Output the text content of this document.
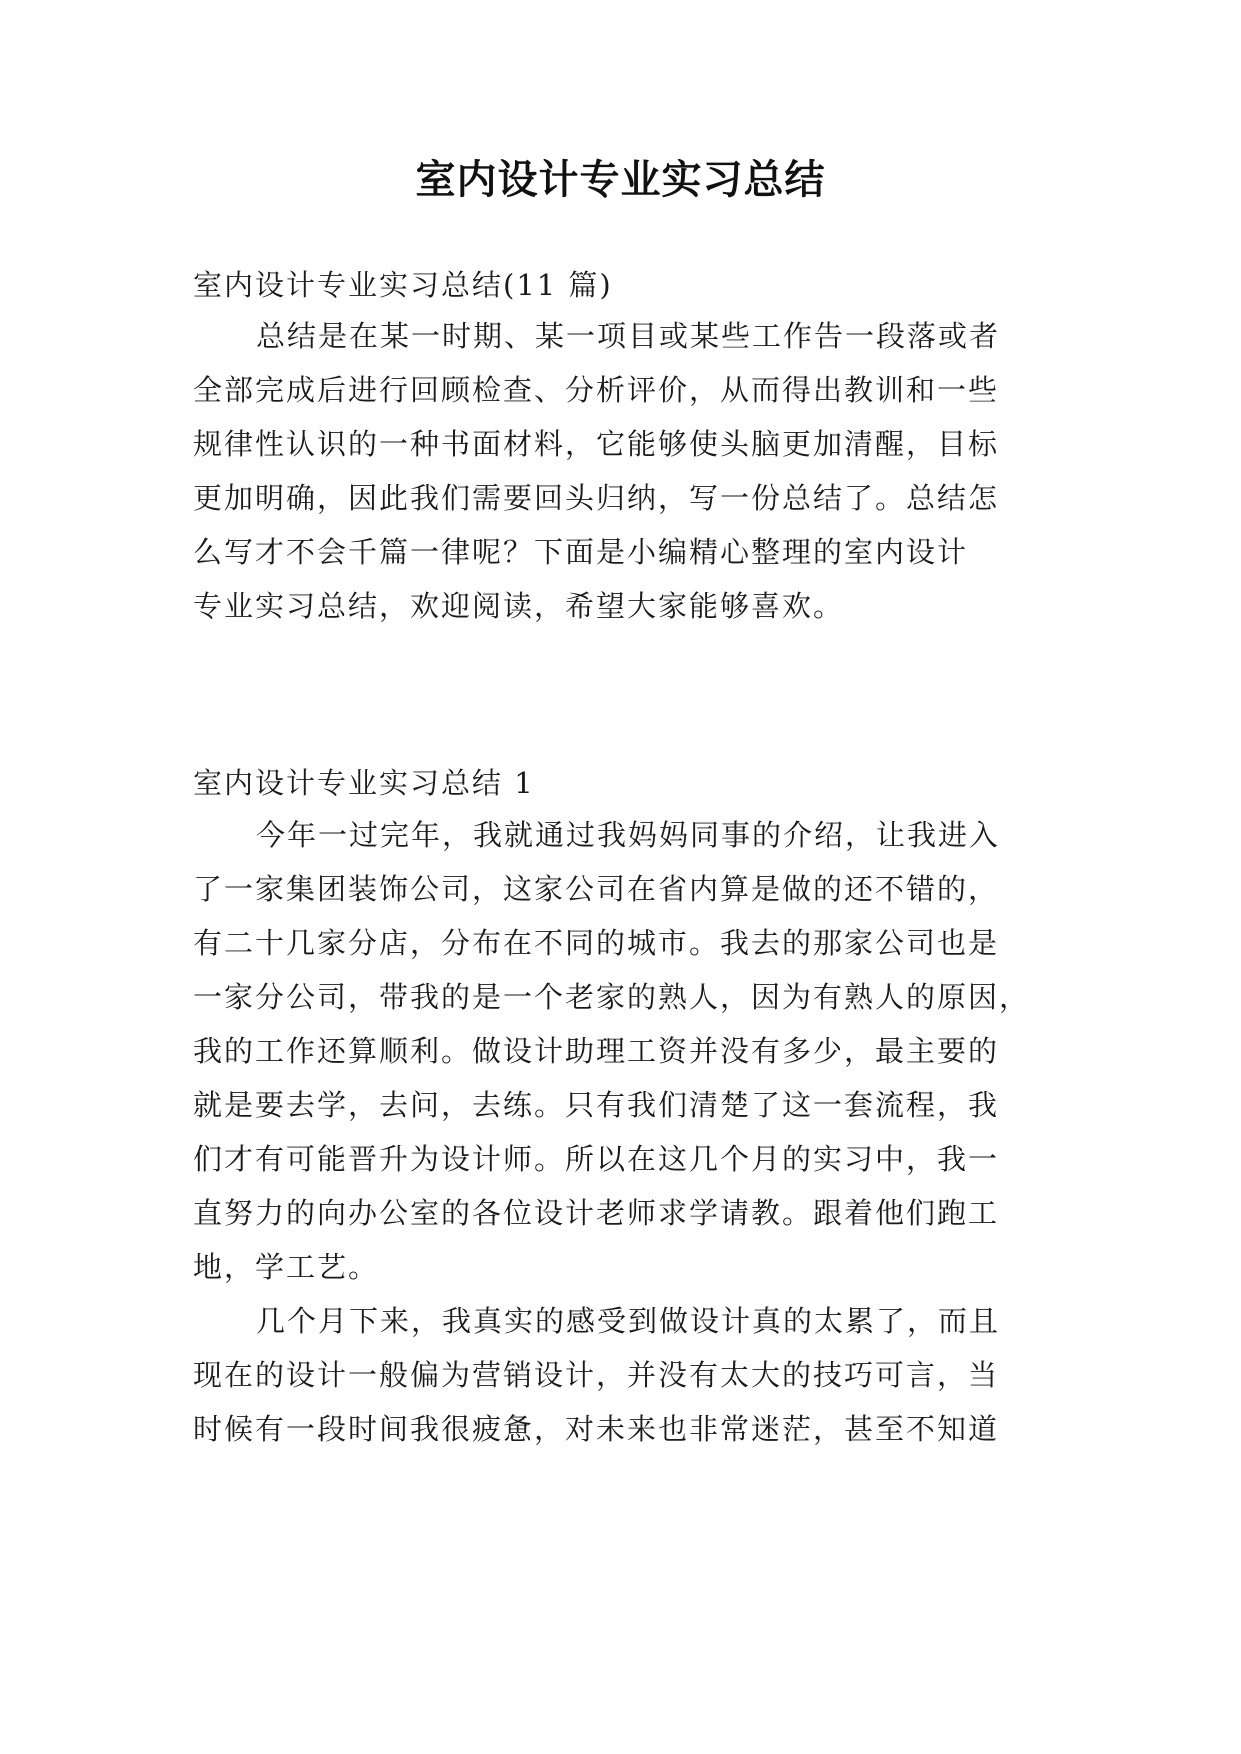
室内设计专业实习总结
室内设计专业实习总结(11 篇)
总结是在某一时期、某一项目或某些工作告一段落或者
全部完成后进行回顾检查、分析评价，从而得出教训和一些
规律性认识的一种书面材料，它能够使头脑更加清醒，目标
更加明确，因此我们需要回头归纳，写一份总结了。总结怎
么写才不会千篇一律呢？下面是小编精心整理的室内设计
专业实习总结，欢迎阅读，希望大家能够喜欢。
室内设计专业实习总结 1
今年一过完年，我就通过我妈妈同事的介绍，让我进入
了一家集团装饰公司，这家公司在省内算是做的还不错的，
有二十几家分店，分布在不同的城市。我去的那家公司也是
一家分公司，带我的是一个老家的熟人，因为有熟人的原因，
我的工作还算顺利。做设计助理工资并没有多少，最主要的
就是要去学，去问，去练。只有我们清楚了这一套流程，我
们才有可能晋升为设计师。所以在这几个月的实习中，我一
直努力的向办公室的各位设计老师求学请教。跟着他们跑工
地，学工艺。
几个月下来，我真实的感受到做设计真的太累了，而且
现在的设计一般偏为营销设计，并没有太大的技巧可言，当
时候有一段时间我很疲惫，对未来也非常迷茫，甚至不知道
